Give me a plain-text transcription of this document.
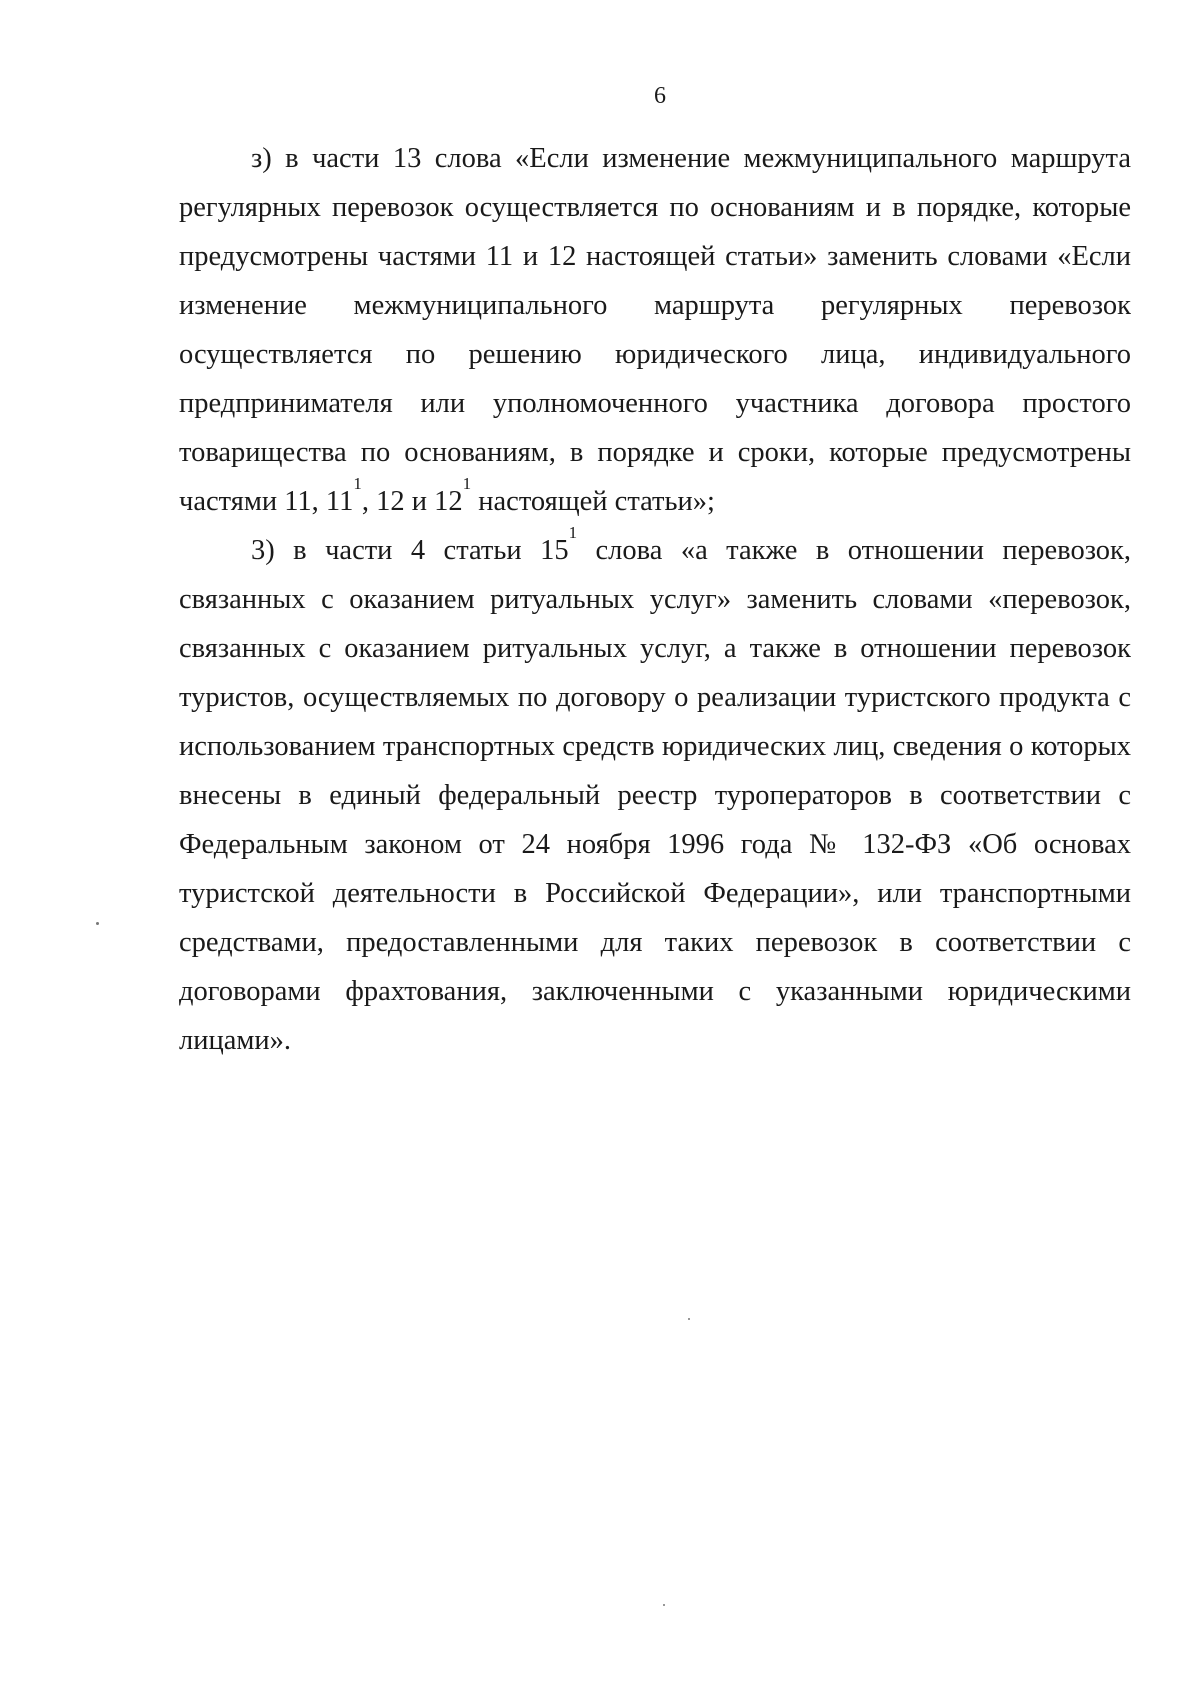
6

з) в части 13 слова «Если изменение межмуниципального маршрута регулярных перевозок осуществляется по основаниям и в порядке, которые предусмотрены частями 11 и 12 настоящей статьи» заменить словами «Если изменение межмуниципального маршрута регулярных перевозок осуществляется по решению юридического лица, индивидуального предпринимателя или уполномоченного участника договора простого товарищества по основаниям, в порядке и сроки, которые предусмотрены частями 11, $11^1$, 12 и $12^1$ настоящей статьи»;

3) в части 4 статьи $15^1$ слова «а также в отношении перевозок, связанных с оказанием ритуальных услуг» заменить словами «перевозок, связанных с оказанием ритуальных услуг, а также в отношении перевозок туристов, осуществляемых по договору о реализации туристского продукта с использованием транспортных средств юридических лиц, сведения о которых внесены в единый федеральный реестр туроператоров в соответствии с Федеральным законом от 24 ноября 1996 года № 132-ФЗ «Об основах туристской деятельности в Российской Федерации», или транспортными средствами, предоставленными для таких перевозок в соответствии с договорами фрахтования, заключенными с указанными юридическими лицами».
